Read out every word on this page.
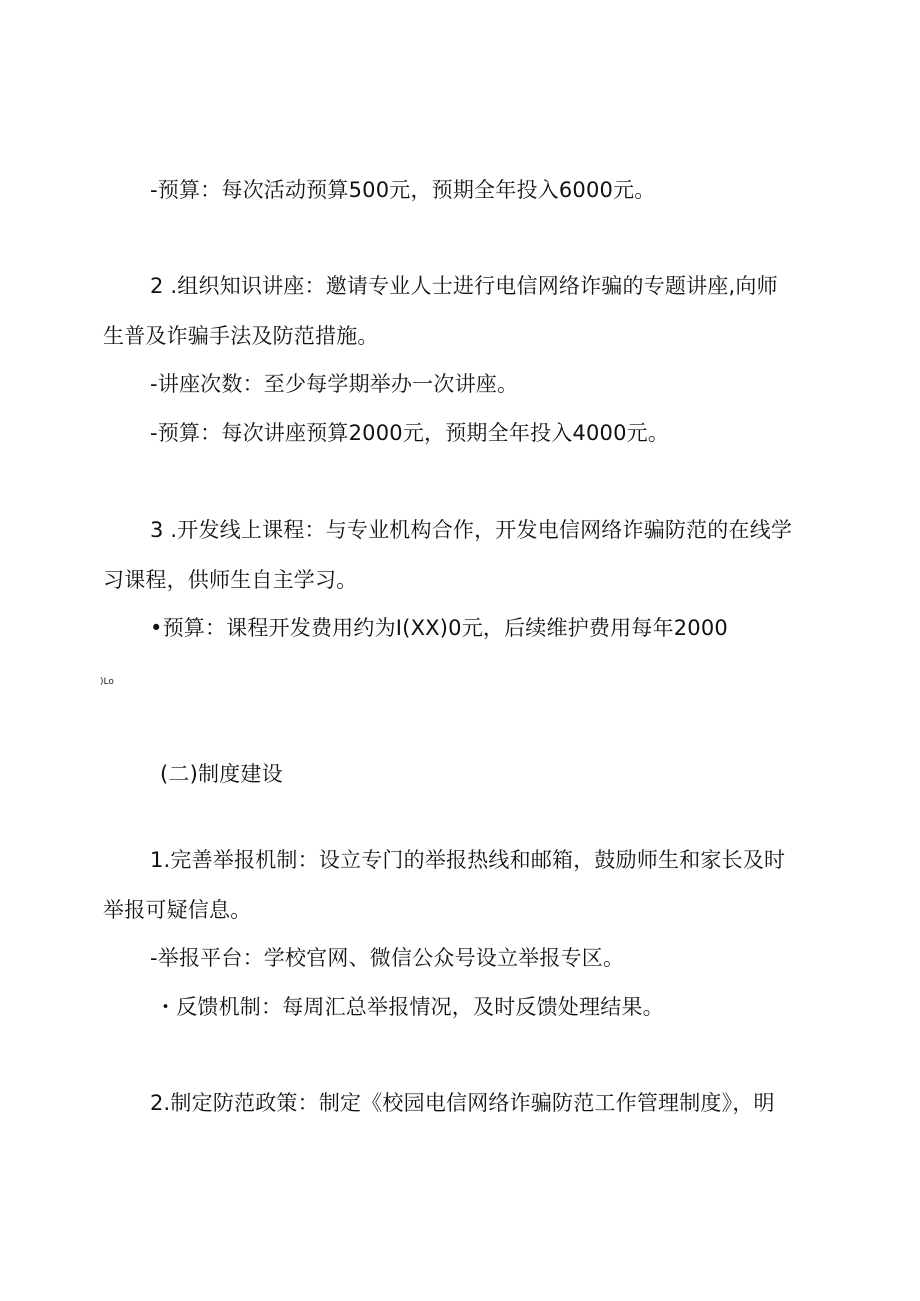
-预算：每次活动预算500元，预期全年投入6000元。
2 .组织知识讲座：邀请专业人士进行电信网络诈骗的专题讲座,向师
生普及诈骗手法及防范措施。
-讲座次数：至少每学期举办一次讲座。
-预算：每次讲座预算2000元，预期全年投入4000元。
3 .开发线上课程：与专业机构合作，开发电信网络诈骗防范的在线学
习课程，供师生自主学习。
•预算：课程开发费用约为I(XX)0元，后续维护费用每年2000
)Lo
(二)制度建设
1.完善举报机制：设立专门的举报热线和邮箱，鼓励师生和家长及时
举报可疑信息。
-举报平台：学校官网、微信公众号设立举报专区。
・反馈机制：每周汇总举报情况，及时反馈处理结果。
2.制定防范政策：制定《校园电信网络诈骗防范工作管理制度》，明
